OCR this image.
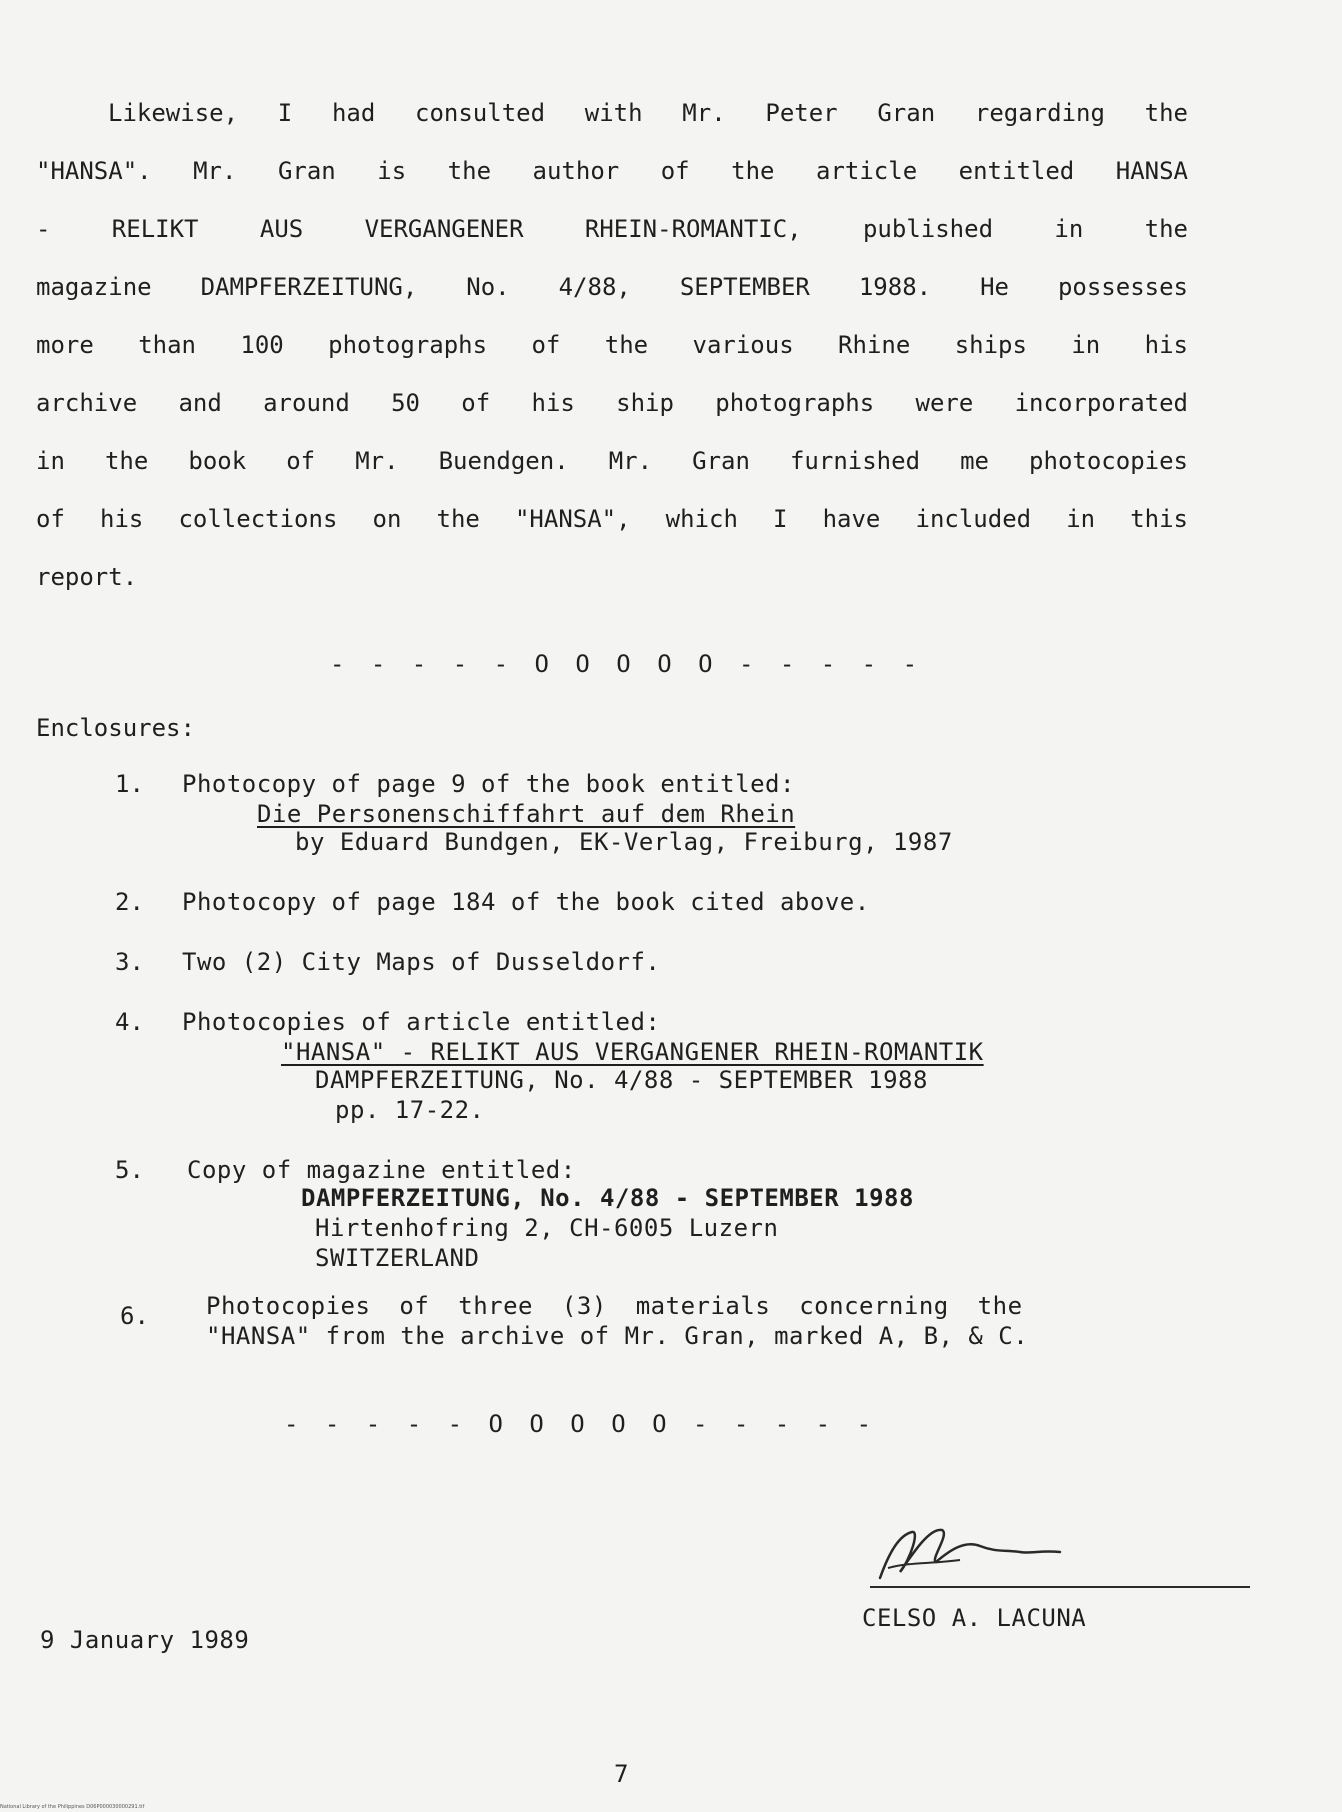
Likewise, I had consulted with Mr. Peter Gran regarding the
"HANSA". Mr. Gran is the author of the article entitled HANSA
- RELIKT AUS VERGANGENER RHEIN-ROMANTIC, published in the
magazine DAMPFERZEITUNG, No. 4/88, SEPTEMBER 1988. He possesses
more than 100 photographs of the various Rhine ships in his
archive and around 50 of his ship photographs were incorporated
in the book of Mr. Buendgen. Mr. Gran furnished me photocopies
of his collections on the "HANSA", which I have included in this
report.
- - - - - O O O O O - - - - -
Enclosures:
1.	Photocopy of page 9 of the book entitled:
Die Personenschiffahrt auf dem Rhein
by Eduard Bundgen, EK-Verlag, Freiburg, 1987
2.	Photocopy of page 184 of the book cited above.
3.	Two (2) City Maps of Dusseldorf.
4.	Photocopies of article entitled:
"HANSA" - RELIKT AUS VERGANGENER RHEIN-ROMANTIK
DAMPFERZEITUNG, No. 4/88 - SEPTEMBER 1988
pp. 17-22.
5.	Copy of magazine entitled:
DAMPFERZEITUNG, No. 4/88 - SEPTEMBER 1988
Hirtenhofring 2, CH-6005 Luzern
SWITZERLAND
6.	Photocopies of three (3) materials concerning the
"HANSA" from the archive of Mr. Gran, marked A, B, & C.
- - - - - O O O O O - - - - -
CELSO A. LACUNA
9 January 1989
7
National Library of the Philippines D06P000030000291.tif
